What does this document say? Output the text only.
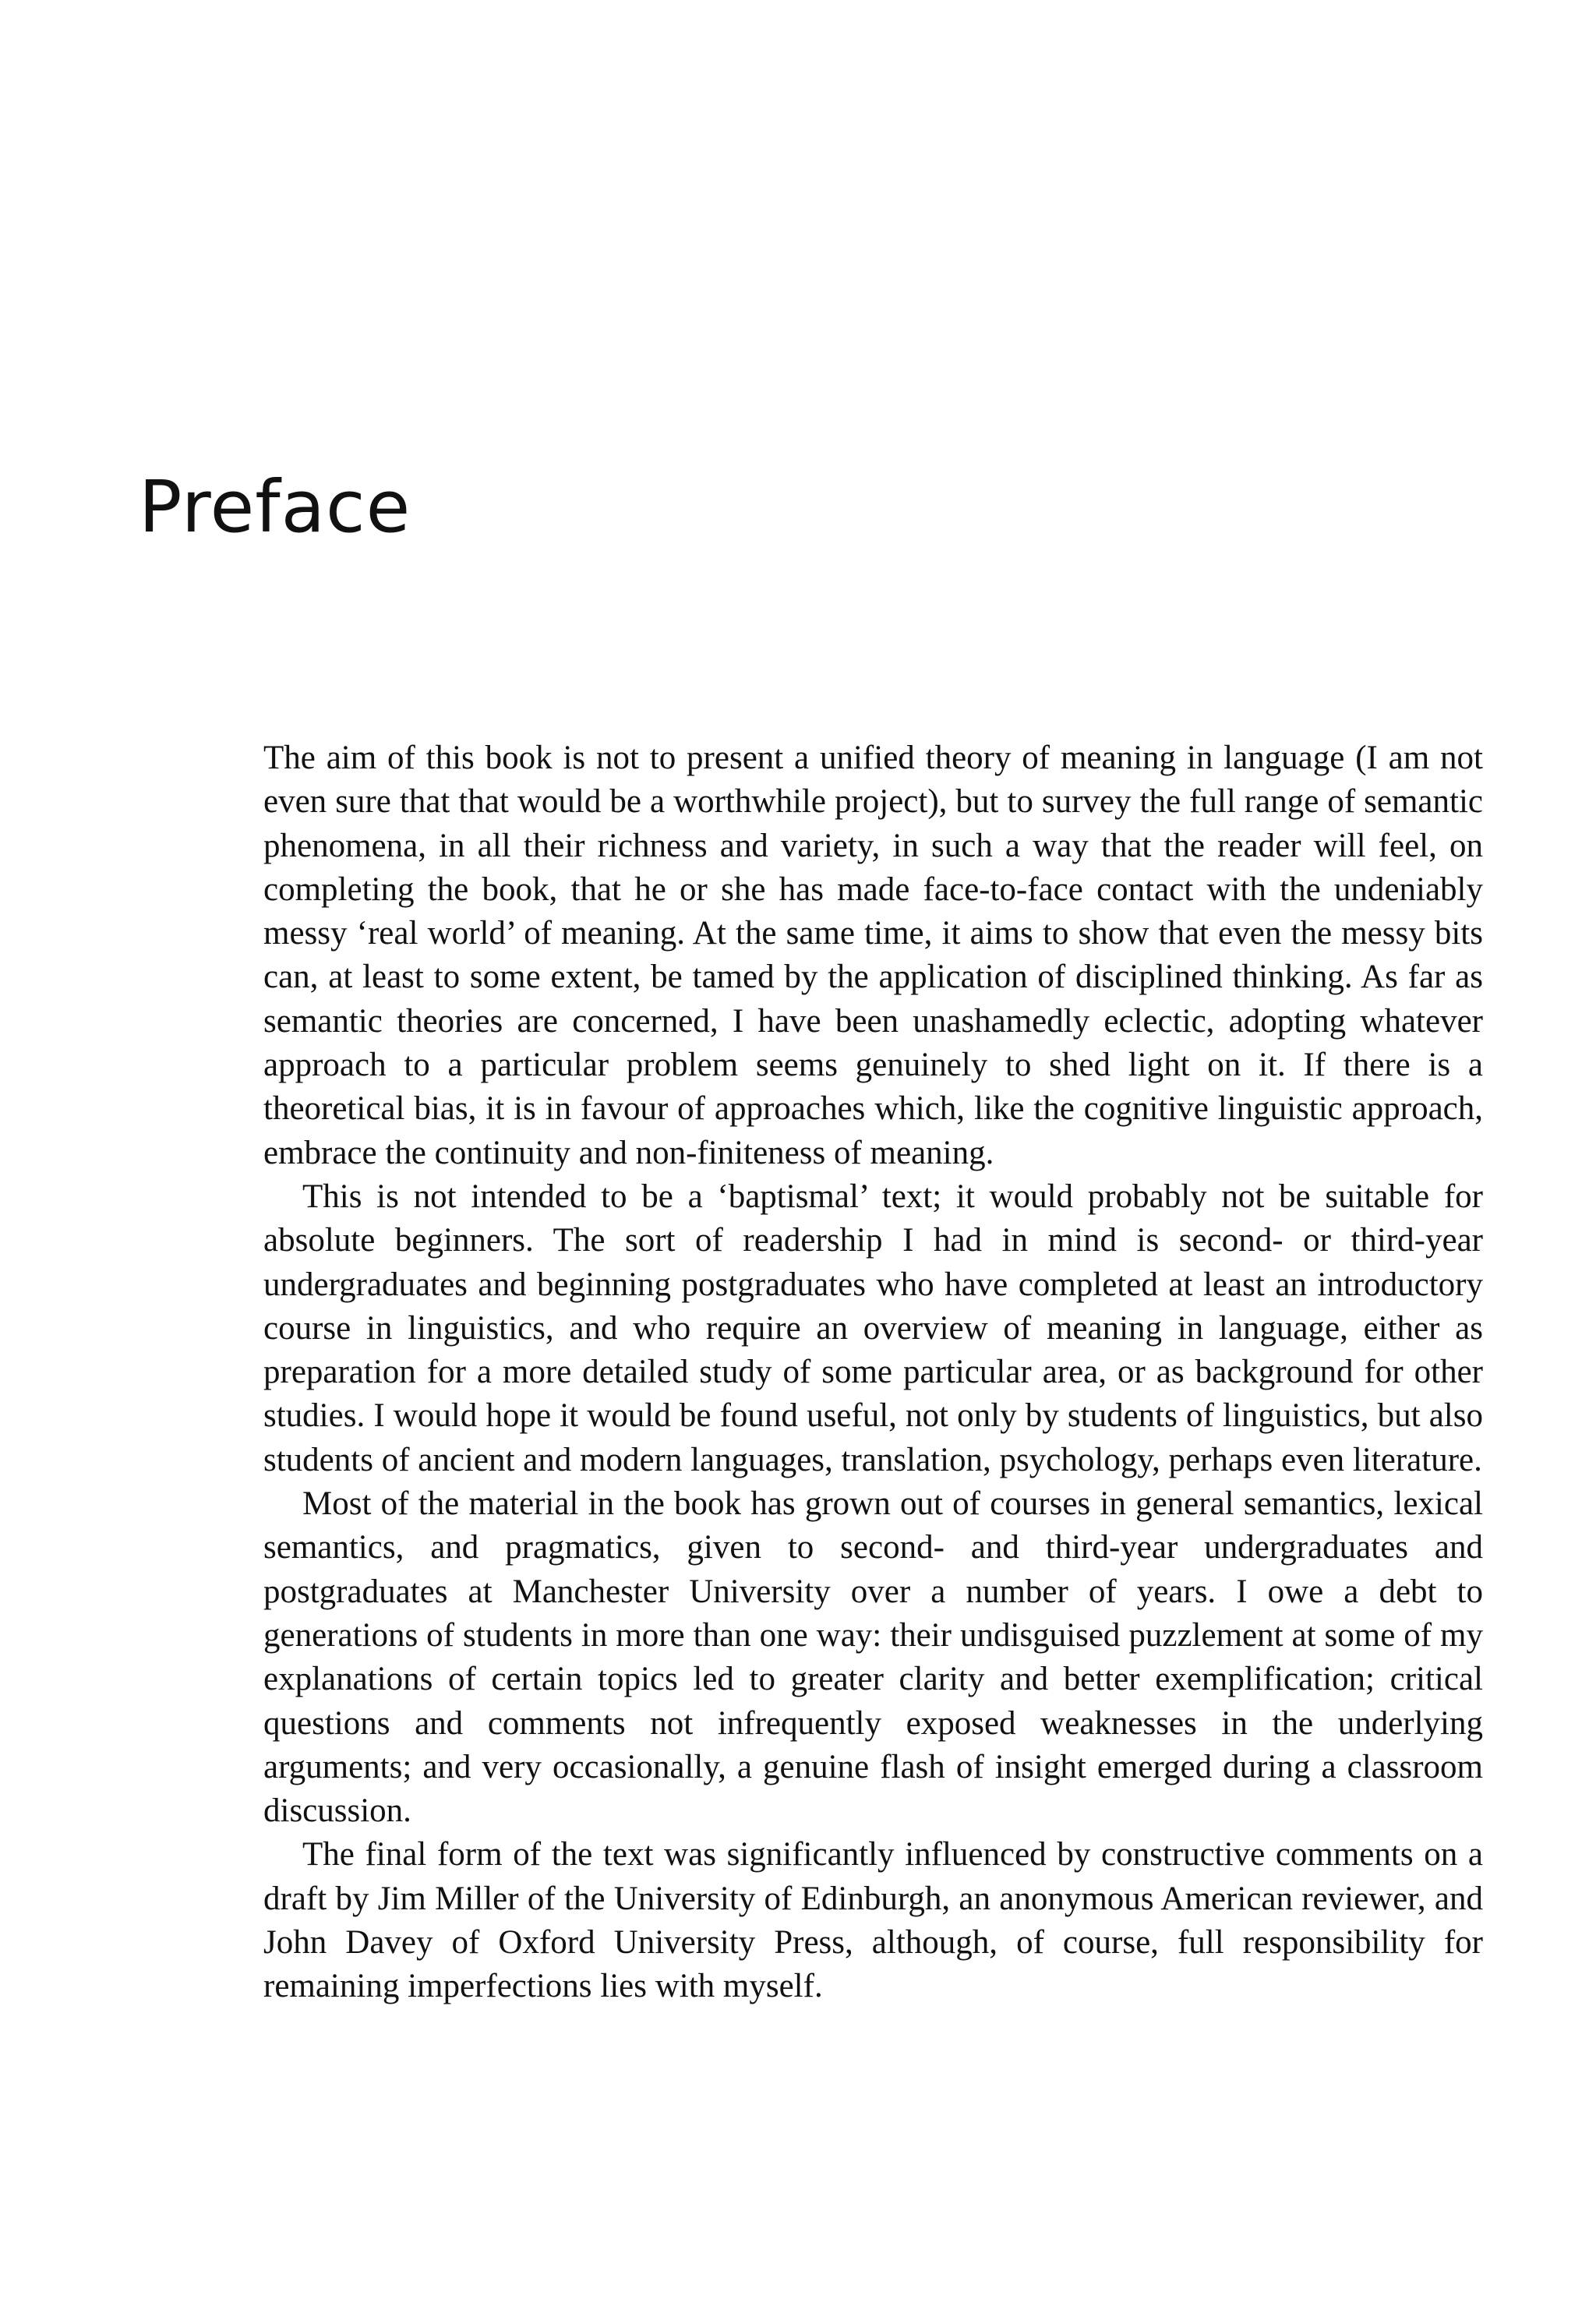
Preface

The aim of this book is not to present a unified theory of meaning in language (I am not even sure that that would be a worthwhile project), but to survey the full range of semantic phenomena, in all their richness and variety, in such a way that the reader will feel, on completing the book, that he or she has made face-to-face contact with the undeniably messy ‘real world’ of meaning. At the same time, it aims to show that even the messy bits can, at least to some extent, be tamed by the application of disciplined thinking. As far as semantic theories are concerned, I have been unashamedly eclectic, adopting whatever approach to a particular problem seems genuinely to shed light on it. If there is a theoretical bias, it is in favour of approaches which, like the cognitive linguistic approach, embrace the continuity and non-finiteness of meaning.

This is not intended to be a ‘baptismal’ text; it would probably not be suitable for absolute beginners. The sort of readership I had in mind is second- or third-year undergraduates and beginning postgraduates who have completed at least an introductory course in linguistics, and who require an overview of meaning in language, either as preparation for a more detailed study of some particular area, or as background for other studies. I would hope it would be found useful, not only by students of linguistics, but also students of ancient and modern languages, translation, psychology, perhaps even literature.

Most of the material in the book has grown out of courses in general semantics, lexical semantics, and pragmatics, given to second- and third-year undergraduates and postgraduates at Manchester University over a number of years. I owe a debt to generations of students in more than one way: their undisguised puzzlement at some of my explanations of certain topics led to greater clarity and better exemplification; critical questions and comments not infrequently exposed weaknesses in the underlying arguments; and very occasionally, a genuine flash of insight emerged during a classroom discussion.

The final form of the text was significantly influenced by constructive comments on a draft by Jim Miller of the University of Edinburgh, an anonymous American reviewer, and John Davey of Oxford University Press, although, of course, full responsibility for remaining imperfections lies with myself.
